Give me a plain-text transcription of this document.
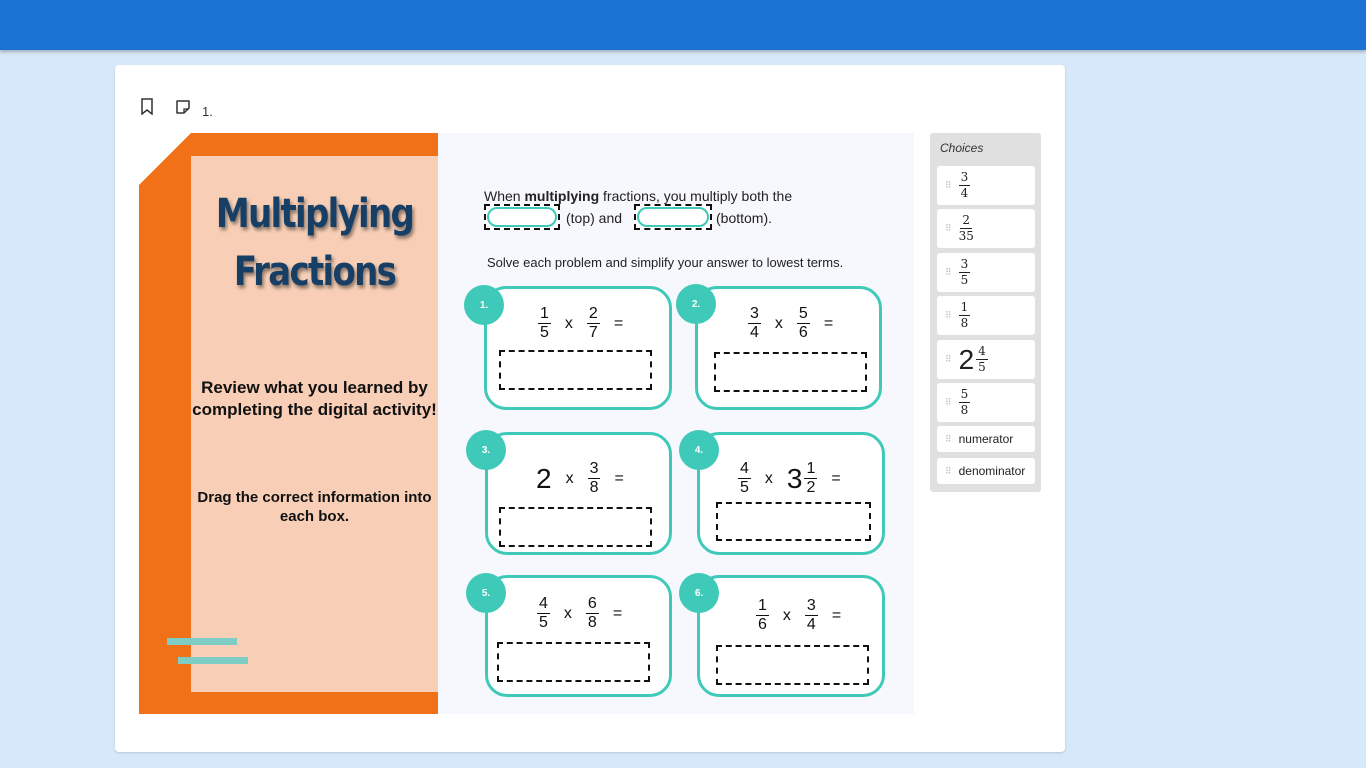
1.
Multiplying
Fractions
Review what you learned by completing the digital activity!
Drag the correct information into each box.
When multiplying fractions, you multiply both the
(top) and	(bottom).
Solve each problem and simplify your answer to lowest terms.
1.	$\frac{1}{5}$ x $\frac{2}{7}$ =
2.
$\frac{3}{4}$ x $\frac{5}{6}$ =
3.
2 x $\frac{3}{8}$ =
4.
$\frac{4}{5}$ x $3 \frac{1}{2}$ =
5.
$\frac{4}{5}$ x $\frac{6}{8}$ =
6.
$\frac{1}{6}$ x $\frac{3}{4}$ =
Choices
⠿ $\frac{3}{4}$
⠿ $\frac{2}{35}$
⠿ $\frac{3}{5}$
⠿ $\frac{1}{8}$
⠿ $2 \frac{4}{5}$
⠿ $\frac{5}{8}$
⠿ numerator
⠿ denominator
